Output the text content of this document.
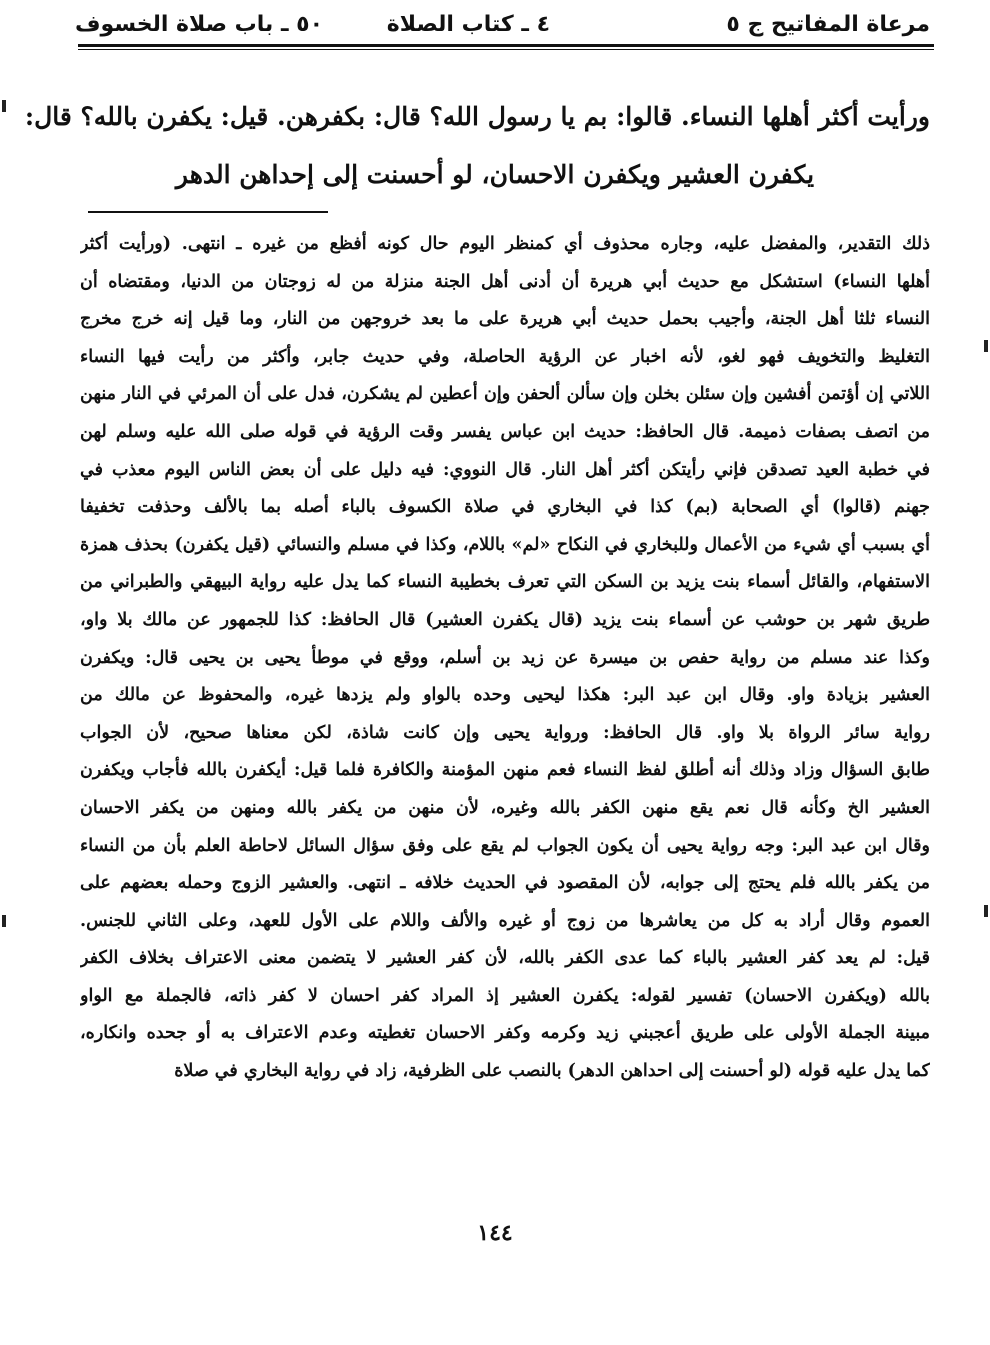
مرعاة المفاتيح ج ٥
٤ ـ كتاب الصلاة
٥٠ ـ باب صلاة الخسوف
ورأيت أكثر أهلها النساء. قالوا: بم يا رسول الله؟ قال: بكفرهن. قيل: يكفرن بالله؟ قال:
يكفرن العشير ويكفرن الاحسان، لو أحسنت إلى إحداهن الدهر
ذلك التقدير، والمفضل عليه، وجاره محذوف أي كمنظر اليوم حال كونه أفظع من غيره ـ انتهى. (ورأيت أكثر
أهلها النساء) استشكل مع حديث أبي هريرة أن أدنى أهل الجنة منزلة من له زوجتان من الدنيا، ومقتضاه أن
النساء ثلثا أهل الجنة، وأجيب بحمل حديث أبي هريرة على ما بعد خروجهن من النار، وما قيل إنه خرج مخرج
التغليظ والتخويف فهو لغو، لأنه اخبار عن الرؤية الحاصلة، وفي حديث جابر، وأكثر من رأيت فيها النساء
اللاتي إن أؤتمن أفشين وإن سئلن بخلن وإن سألن ألحفن وإن أعطين لم يشكرن، فدل على أن المرئي في النار منهن
من اتصف بصفات ذميمة. قال الحافظ: حديث ابن عباس يفسر وقت الرؤية في قوله صلى الله عليه وسلم لهن
في خطبة العيد تصدقن فإني رأيتكن أكثر أهل النار. قال النووي: فيه دليل على أن بعض الناس اليوم معذب في
جهنم (قالوا) أي الصحابة (بم) كذا في البخاري في صلاة الكسوف بالباء أصله بما بالألف وحذفت تخفيفا
أي بسبب أي شيء من الأعمال وللبخاري في النكاح «لم» باللام، وكذا في مسلم والنسائي (قيل يكفرن) بحذف همزة
الاستفهام، والقائل أسماء بنت يزيد بن السكن التي تعرف بخطيبة النساء كما يدل عليه رواية البيهقي والطبراني من
طريق شهر بن حوشب عن أسماء بنت يزيد (قال يكفرن العشير) قال الحافظ: كذا للجمهور عن مالك بلا واو،
وكذا عند مسلم من رواية حفص بن ميسرة عن زيد بن أسلم، ووقع في موطأ يحيى بن يحيى قال: ويكفرن
العشير بزيادة واو. وقال ابن عبد البر: هكذا ليحيى وحده بالواو ولم يزدها غيره، والمحفوظ عن مالك من
رواية سائر الرواة بلا واو. قال الحافظ: ورواية يحيى وإن كانت شاذة، لكن معناها صحيح، لأن الجواب
طابق السؤال وزاد وذلك أنه أطلق لفظ النساء فعم منهن المؤمنة والكافرة فلما قيل: أيكفرن بالله فأجاب ويكفرن
العشير الخ وكأنه قال نعم يقع منهن الكفر بالله وغيره، لأن منهن من يكفر بالله ومنهن من يكفر الاحسان
وقال ابن عبد البر: وجه رواية يحيى أن يكون الجواب لم يقع على وفق سؤال السائل لاحاطة العلم بأن من النساء
من يكفر بالله فلم يحتج إلى جوابه، لأن المقصود في الحديث خلافه ـ انتهى. والعشير الزوج وحمله بعضهم على
العموم وقال أراد به كل من يعاشرها من زوج أو غيره والألف واللام على الأول للعهد، وعلى الثاني للجنس.
قيل: لم يعد كفر العشير بالباء كما عدى الكفر بالله، لأن كفر العشير لا يتضمن معنى الاعتراف بخلاف الكفر
بالله (ويكفرن الاحسان) تفسير لقوله: يكفرن العشير إذ المراد كفر احسان لا كفر ذاته، فالجملة مع الواو
مبينة الجملة الأولى على طريق أعجبني زيد وكرمه وكفر الاحسان تغطيته وعدم الاعتراف به أو جحده وانكاره،
كما يدل عليه قوله (لو أحسنت إلى احداهن الدهر) بالنصب على الظرفية، زاد في رواية البخاري في صلاة
١٤٤
